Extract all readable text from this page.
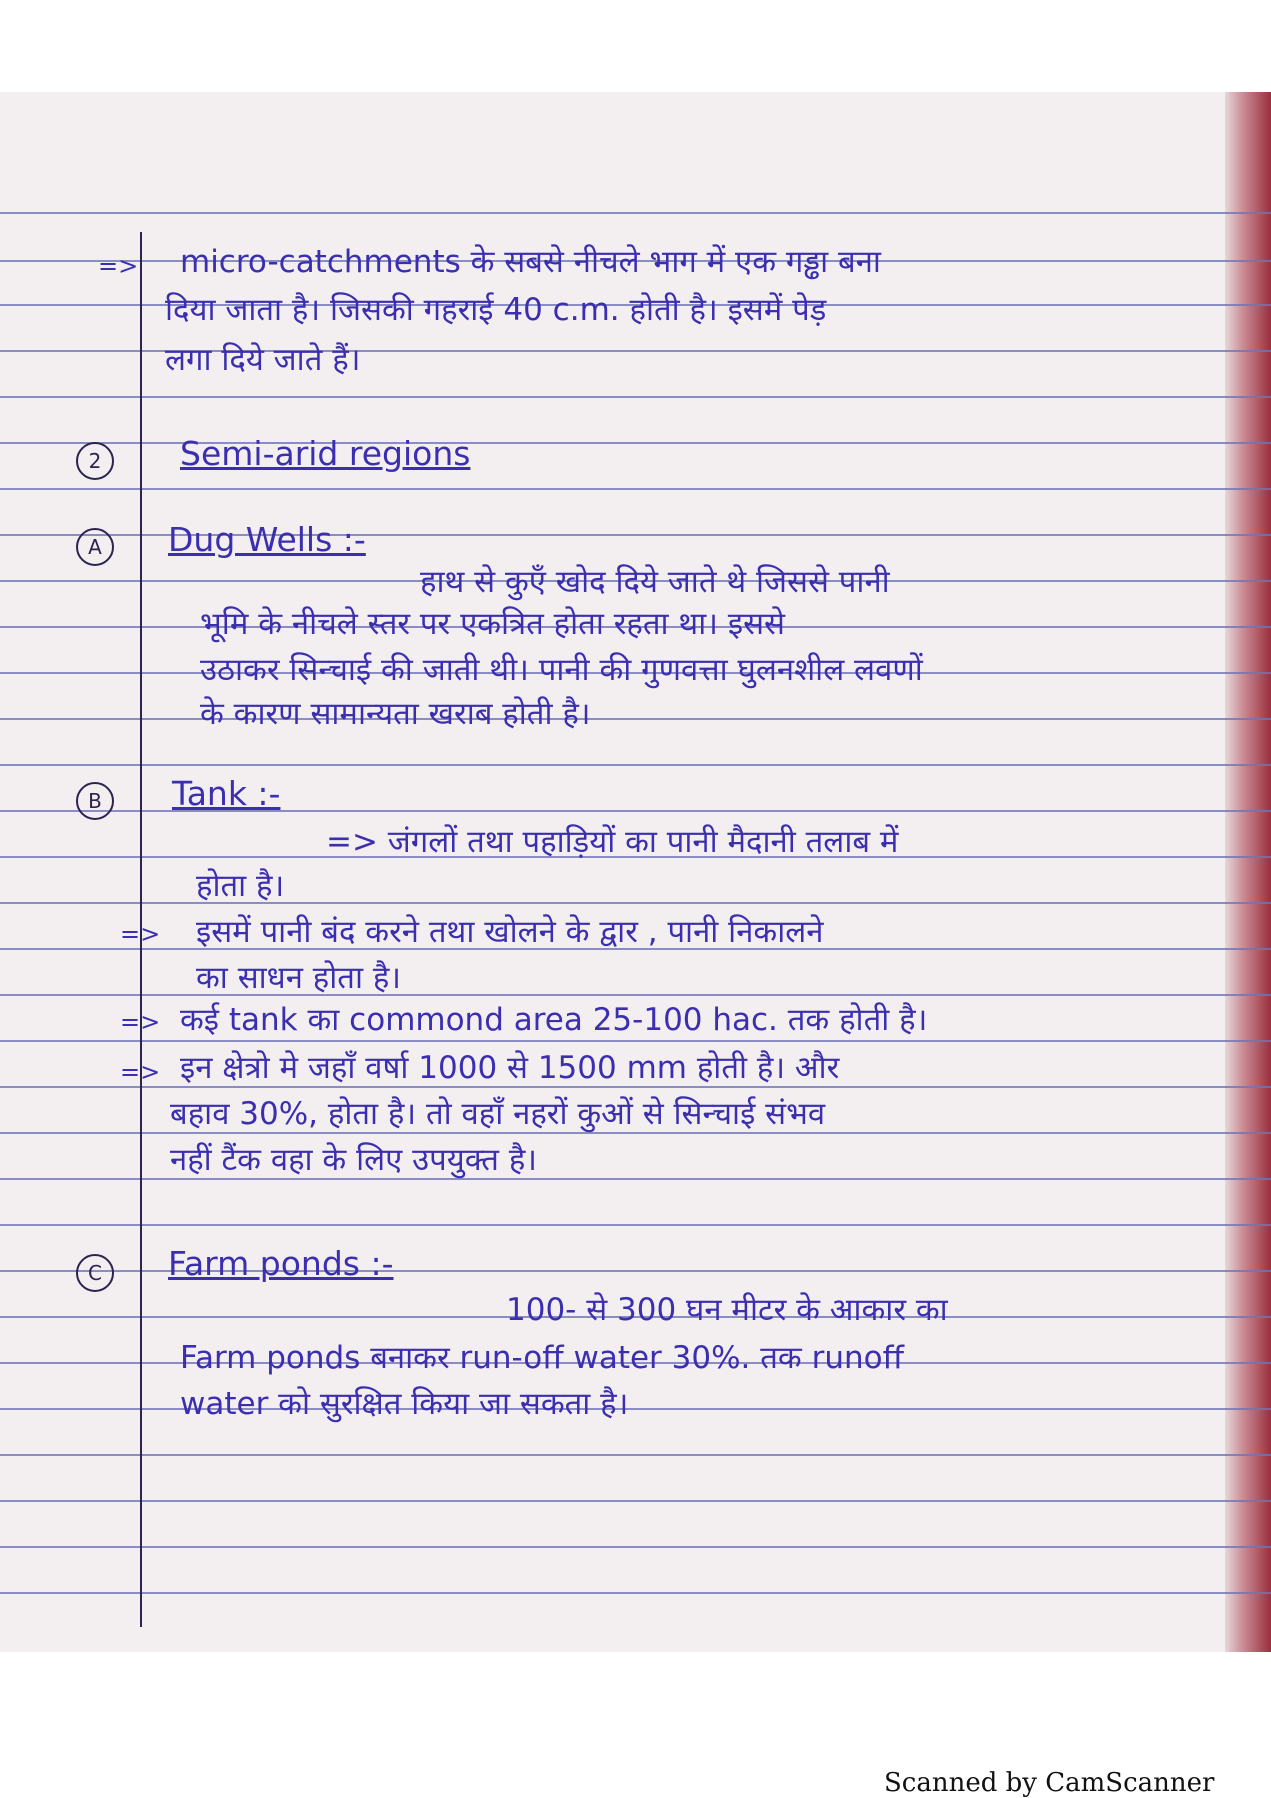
=> micro-catchments के सबसे नीचले भाग में एक गड्ढा बना
दिया जाता है। जिसकी गहराई 40 c.m. होती है। इसमें पेड़
लगा दिये जाते हैं।
2	Semi-arid regions
A	Dug Wells :-
हाथ से कुएँ खोद दिये जाते थे जिससे पानी
भूमि के नीचले स्तर पर एकत्रित होता रहता था। इससे
उठाकर सिन्चाई की जाती थी। पानी की गुणवत्ता घुलनशील लवणों
के कारण सामान्यता खराब होती है।
B	Tank :-
=> जंगलों तथा पहाड़ियों का पानी मैदानी तलाब में
होता है।
=> इसमें पानी बंद करने तथा खोलने के द्वार , पानी निकालने
का साधन होता है।
=> कई tank का commond area 25-100 hac. तक होती है।
=> इन क्षेत्रो मे जहाँ वर्षा 1000 से 1500 mm होती है। और
बहाव 30%, होता है। तो वहाँ नहरों कुओं से सिन्चाई संभव
नहीं टैंक वहा के लिए उपयुक्त है।
C	Farm ponds :-
100- से 300 घन मीटर के आकार का
Farm ponds बनाकर run-off water 30%. तक runoff
water को सुरक्षित किया जा सकता है।
Scanned by CamScanner
